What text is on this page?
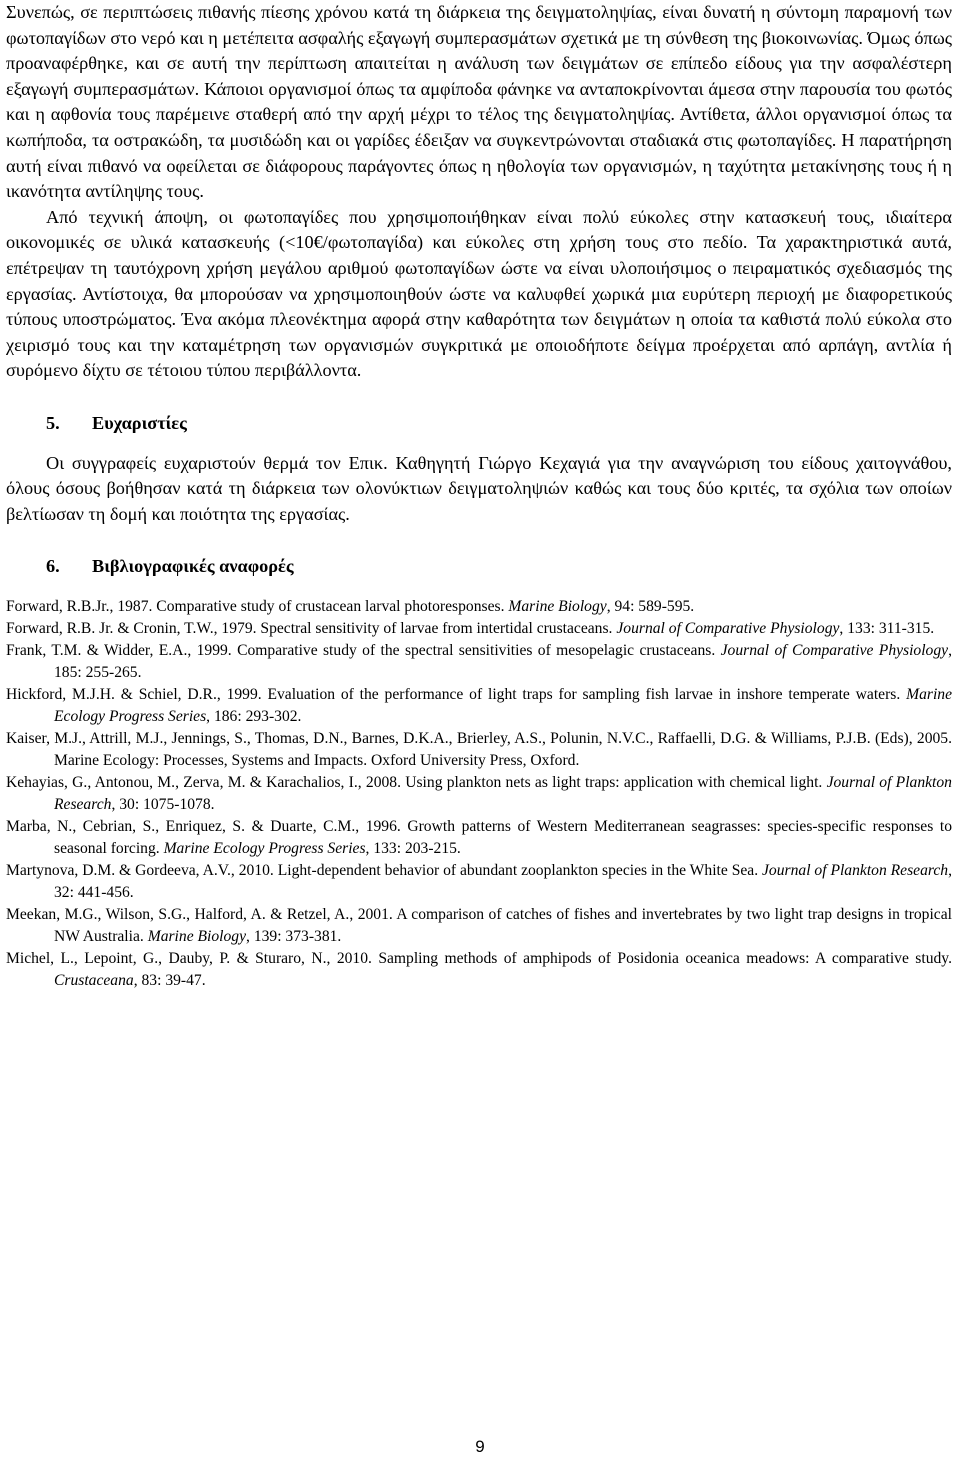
Συνεπώς, σε περιπτώσεις πιθανής πίεσης χρόνου κατά τη διάρκεια της δειγματοληψίας, είναι δυνατή η σύντομη παραμονή των φωτοπαγίδων στο νερό και η μετέπειτα ασφαλής εξαγωγή συμπερασμάτων σχετικά με τη σύνθεση της βιοκοινωνίας. Όμως όπως προαναφέρθηκε, και σε αυτή την περίπτωση απαιτείται η ανάλυση των δειγμάτων σε επίπεδο είδους για την ασφαλέστερη εξαγωγή συμπερασμάτων. Κάποιοι οργανισμοί όπως τα αμφίποδα φάνηκε να ανταποκρίνονται άμεσα στην παρουσία του φωτός και η αφθονία τους παρέμεινε σταθερή από την αρχή μέχρι το τέλος της δειγματοληψίας. Αντίθετα, άλλοι οργανισμοί όπως τα κωπήποδα, τα οστρακώδη, τα μυσιδώδη και οι γαρίδες έδειξαν να συγκεντρώνονται σταδιακά στις φωτοπαγίδες. Η παρατήρηση αυτή είναι πιθανό να οφείλεται σε διάφορους παράγοντες όπως η ηθολογία των οργανισμών, η ταχύτητα μετακίνησης τους ή η ικανότητα αντίληψης τους.

Από τεχνική άποψη, οι φωτοπαγίδες που χρησιμοποιήθηκαν είναι πολύ εύκολες στην κατασκευή τους, ιδιαίτερα οικονομικές σε υλικά κατασκευής (<10€/φωτοπαγίδα) και εύκολες στη χρήση τους στο πεδίο. Τα χαρακτηριστικά αυτά, επέτρεψαν τη ταυτόχρονη χρήση μεγάλου αριθμού φωτοπαγίδων ώστε να είναι υλοποιήσιμος ο πειραματικός σχεδιασμός της εργασίας. Αντίστοιχα, θα μπορούσαν να χρησιμοποιηθούν ώστε να καλυφθεί χωρικά μια ευρύτερη περιοχή με διαφορετικούς τύπους υποστρώματος. Ένα ακόμα πλεονέκτημα αφορά στην καθαρότητα των δειγμάτων η οποία τα καθιστά πολύ εύκολα στο χειρισμό τους και την καταμέτρηση των οργανισμών συγκριτικά με οποιοδήποτε δείγμα προέρχεται από αρπάγη, αντλία ή συρόμενο δίχτυ σε τέτοιου τύπου περιβάλλοντα.

5. Ευχαριστίες

Οι συγγραφείς ευχαριστούν θερμά τον Επικ. Καθηγητή Γιώργο Κεχαγιά για την αναγνώριση του είδους χαιτογνάθου, όλους όσους βοήθησαν κατά τη διάρκεια των ολονύκτιων δειγματοληψιών καθώς και τους δύο κριτές, τα σχόλια των οποίων βελτίωσαν τη δομή και ποιότητα της εργασίας.

6. Βιβλιογραφικές αναφορές

Forward, R.B.Jr., 1987. Comparative study of crustacean larval photoresponses. Marine Biology, 94: 589-595.

Forward, R.B. Jr. & Cronin, T.W., 1979. Spectral sensitivity of larvae from intertidal crustaceans. Journal of Comparative Physiology, 133: 311-315.

Frank, T.M. & Widder, E.A., 1999. Comparative study of the spectral sensitivities of mesopelagic crustaceans. Journal of Comparative Physiology, 185: 255-265.

Hickford, M.J.H. & Schiel, D.R., 1999. Evaluation of the performance of light traps for sampling fish larvae in inshore temperate waters. Marine Ecology Progress Series, 186: 293-302.

Kaiser, M.J., Attrill, M.J., Jennings, S., Thomas, D.N., Barnes, D.K.A., Brierley, A.S., Polunin, N.V.C., Raffaelli, D.G. & Williams, P.J.B. (Eds), 2005. Marine Ecology: Processes, Systems and Impacts. Oxford University Press, Oxford.

Kehayias, G., Antonou, M., Zerva, M. & Karachalios, I., 2008. Using plankton nets as light traps: application with chemical light. Journal of Plankton Research, 30: 1075-1078.

Marba, N., Cebrian, S., Enriquez, S. & Duarte, C.M., 1996. Growth patterns of Western Mediterranean seagrasses: species-specific responses to seasonal forcing. Marine Ecology Progress Series, 133: 203-215.

Martynova, D.M. & Gordeeva, A.V., 2010. Light-dependent behavior of abundant zooplankton species in the White Sea. Journal of Plankton Research, 32: 441-456.

Meekan, M.G., Wilson, S.G., Halford, A. & Retzel, A., 2001. A comparison of catches of fishes and invertebrates by two light trap designs in tropical NW Australia. Marine Biology, 139: 373-381.

Michel, L., Lepoint, G., Dauby, P. & Sturaro, N., 2010. Sampling methods of amphipods of Posidonia oceanica meadows: A comparative study. Crustaceana, 83: 39-47.

9
